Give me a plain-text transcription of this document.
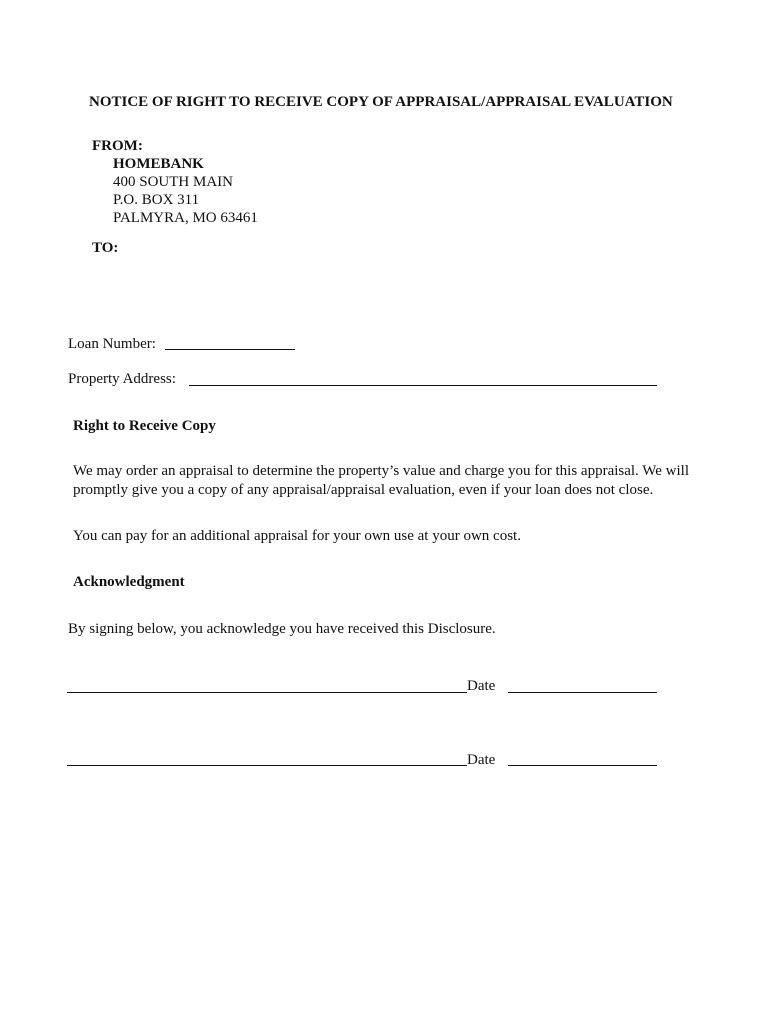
NOTICE OF RIGHT TO RECEIVE COPY OF APPRAISAL/APPRAISAL EVALUATION
FROM:
HOMEBANK
400 SOUTH MAIN
P.O. BOX 311
PALMYRA, MO 63461
TO:
Loan Number:
Property Address:
Right to Receive Copy
We may order an appraisal to determine the property’s value and charge you for this appraisal. We will
promptly give you a copy of any appraisal/appraisal evaluation, even if your loan does not close.
You can pay for an additional appraisal for your own use at your own cost.
Acknowledgment
By signing below, you acknowledge you have received this Disclosure.
Date
Date
